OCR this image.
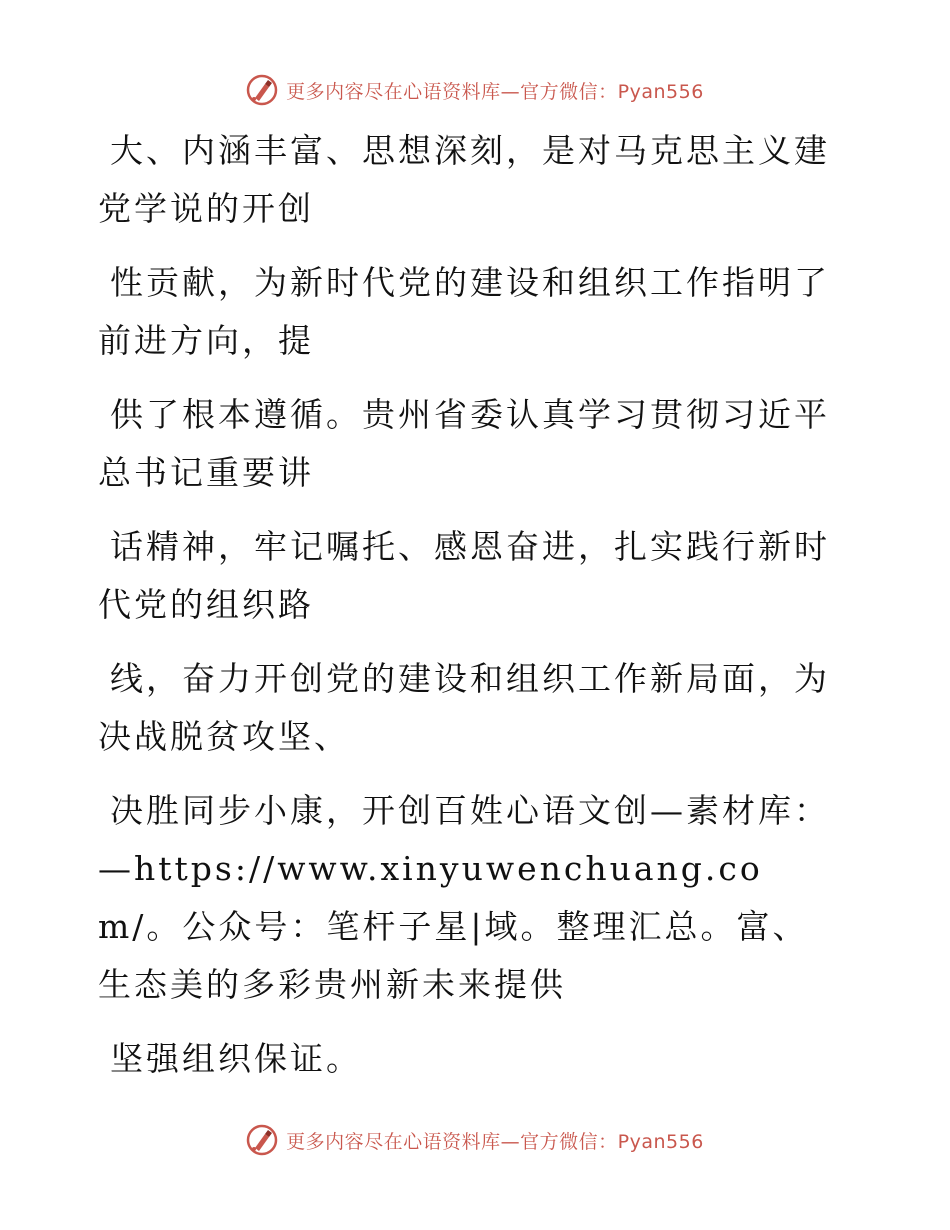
更多内容尽在心语资料库—官方微信：Pyan556

大、内涵丰富、思想深刻，是对马克思主义建党学说的开创

性贡献，为新时代党的建设和组织工作指明了前进方向，提

供了根本遵循。贵州省委认真学习贯彻习近平总书记重要讲

话精神，牢记嘱托、感恩奋进，扎实践行新时代党的组织路

线，奋力开创党的建设和组织工作新局面，为决战脱贫攻坚、

决胜同步小康，开创百姓心语文创—素材库：—https://www.xinyuwenchuang.com/。公众号：笔杆子星|域。整理汇总。富、生态美的多彩贵州新未来提供

坚强组织保证。

更多内容尽在心语资料库—官方微信：Pyan556
